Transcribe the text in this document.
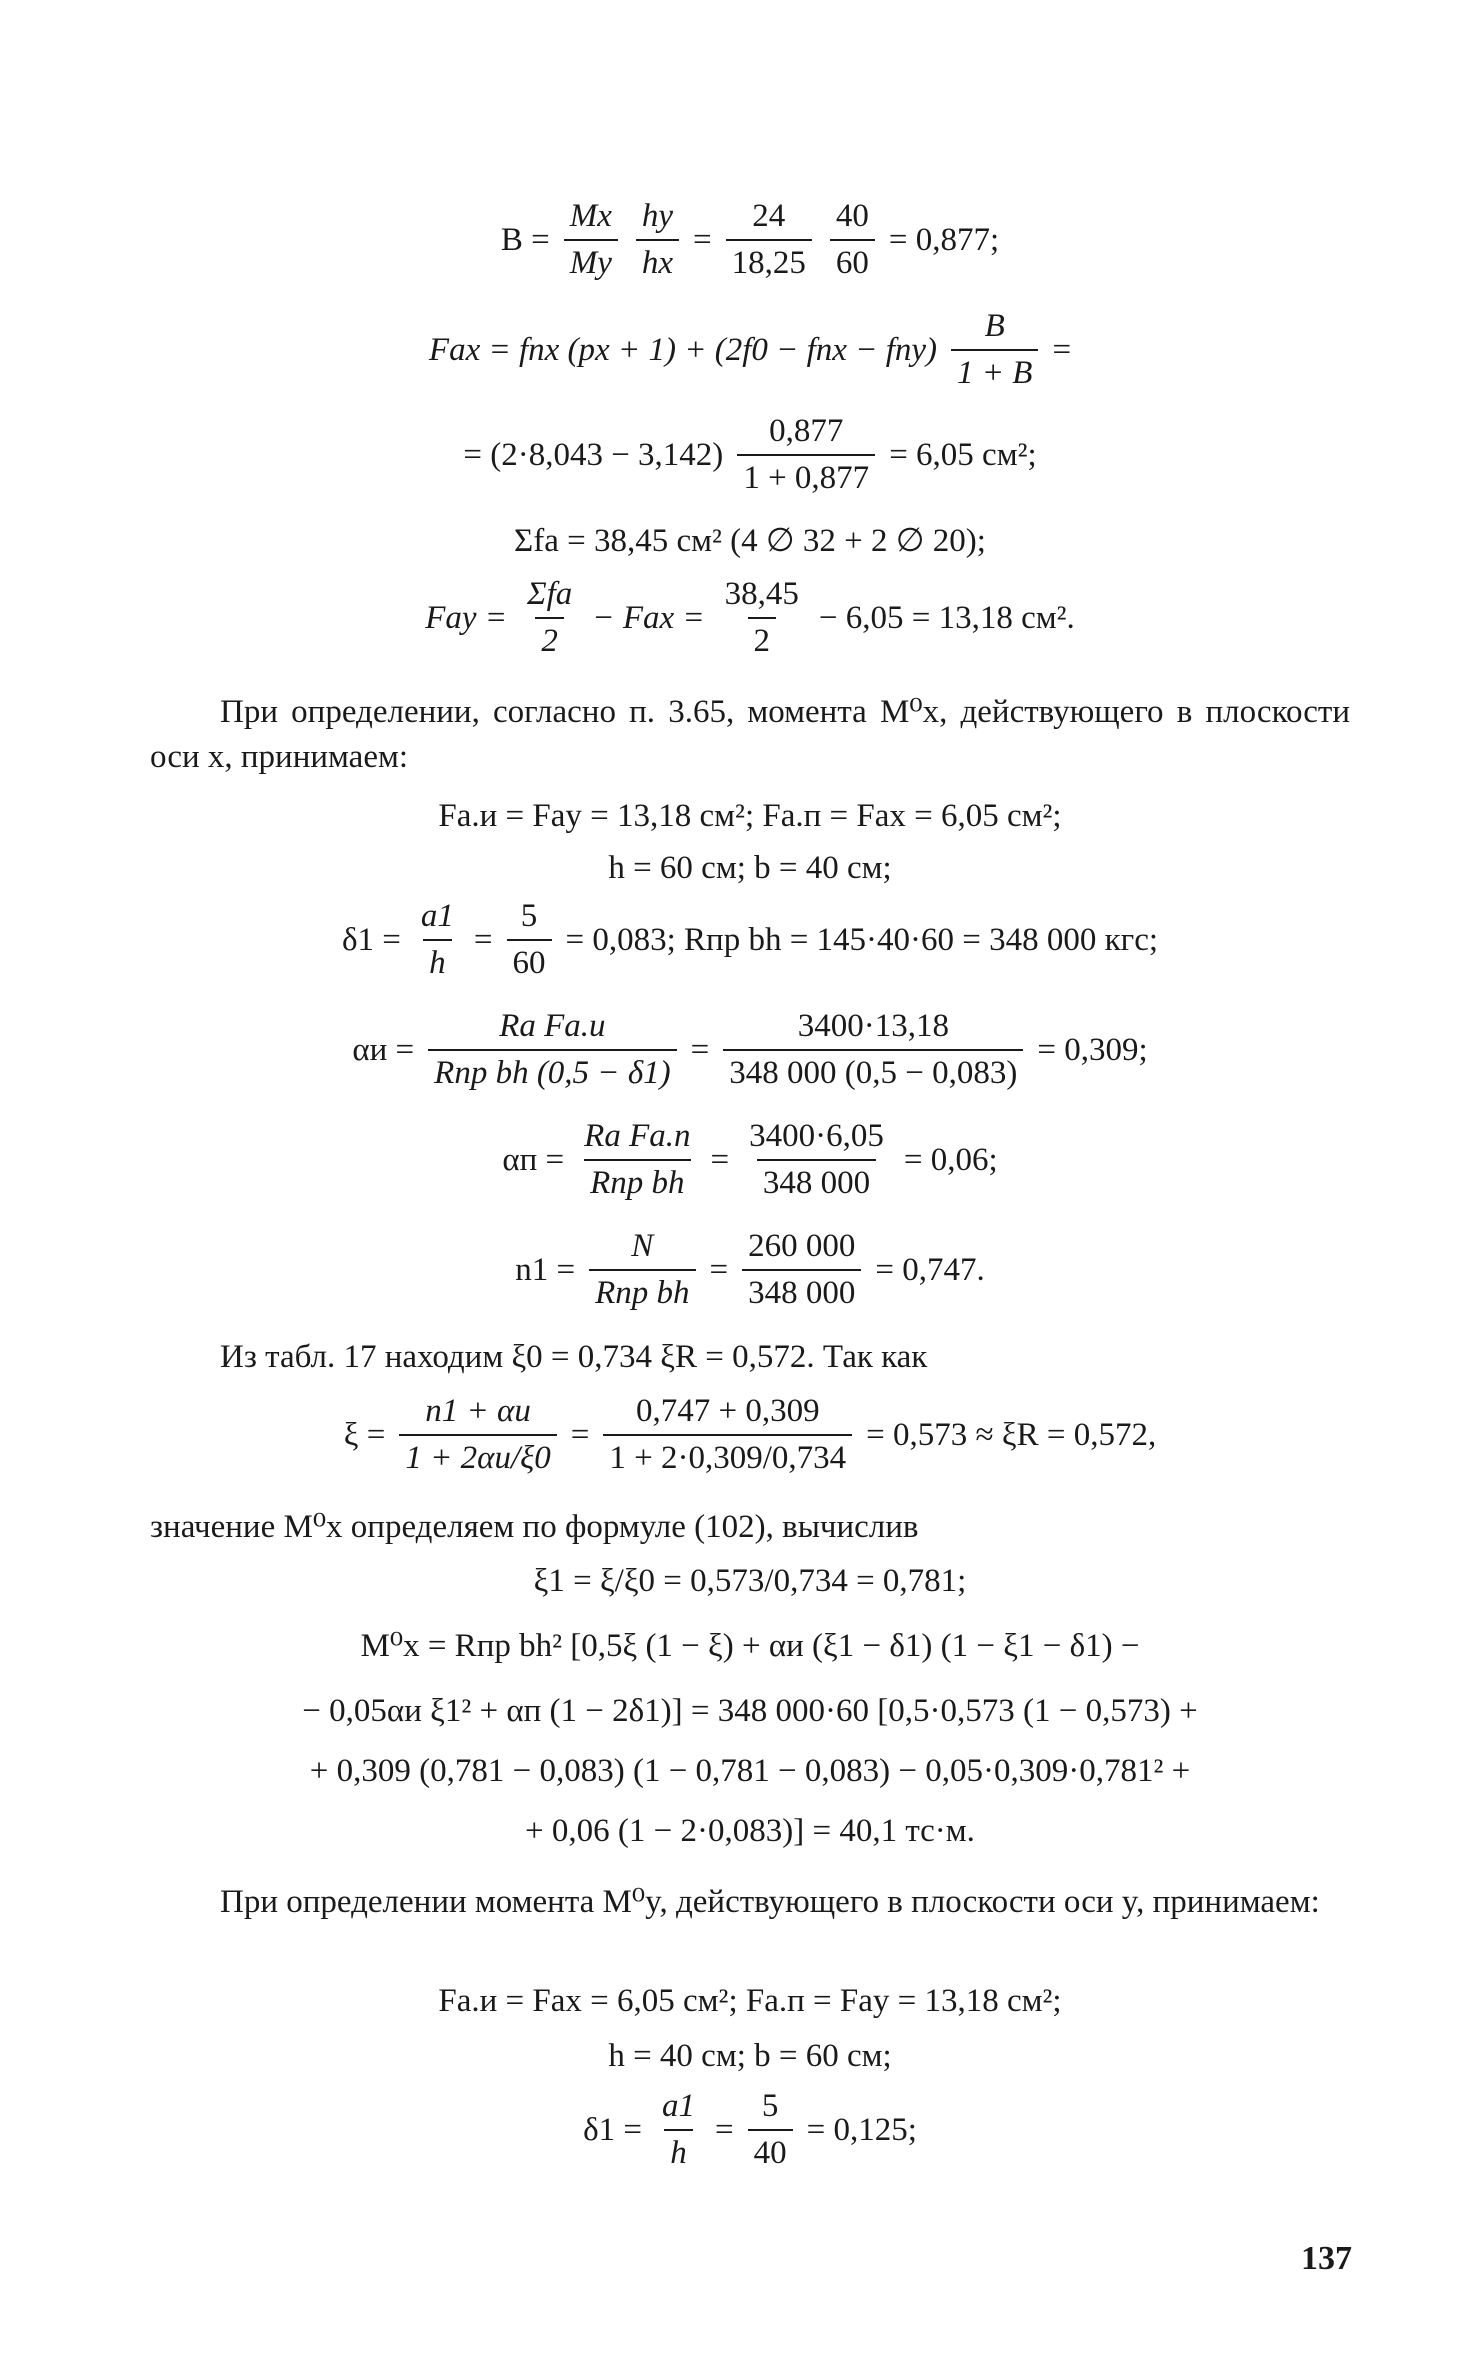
$B = \frac{Mx}{My} \frac{hy}{hx} = \frac{24}{18,25} \frac{40}{60} = 0,877$;
Fax = fпх (px + 1) + (2f0 − fпх − $fпу) \frac{B}{1 + B}$ =
= $(2\cdot 8,043 - 3,142) \frac{0,877}{1 + 0,877} = 6,05$ см²;
Σfа = 38,45 см² (4 ∅ 32 + 2 ∅ 20);
Fay = $\frac{\text{Σfа}}{2}$ − Fax = $\frac{38,45}{2} - 6,05 = 13,18$ см².
При определении, согласно п. 3.65, момента M⁰x, действующего в плоскости оси x, принимаем:
Fа.и = Fay = 13,18 см²; Fа.п = Fax = 6,05 см²;
h = 60 см; b = 40 см;
$\delta 1 = \frac{a1}{h} = \frac{5}{60} = 0,083$; Rпр bh = 145·40·60 = 348 000 кгс;
$\alpha и = \frac{\text{Rа Fа.и}}{\text{Rпр bh (0,5 − δ1)}} = \frac{3400\cdot 13,18}{348 000 (0,5 - 0,083)} = 0,309$;
$\alpha п = \frac{\text{Rа Fа.п}}{\text{Rпр bh}} = \frac{3400\cdot 6,05}{348 000} = 0,06$;
$n1 = \frac{N}{\text{Rпр bh}} = \frac{260 000}{348 000} = 0,747$.
Из табл. 17 находим ξ0 = 0,734 ξR = 0,572. Так как
$\xi = \frac{n1 + \alpha и}{1 + 2\alpha и/\xi 0} = \frac{0,747 + 0,309}{1 + 2\cdot 0,309/0,734} = 0,573 \approx \xi R = 0,572$,
значение M⁰x определяем по формуле (102), вычислив
ξ1 = ξ/ξ0 = 0,573/0,734 = 0,781;
M⁰x = Rпр bh² [0,5ξ (1 − ξ) + αи (ξ1 − δ1) (1 − ξ1 − δ1) −
− 0,05αи ξ1² + αп (1 − 2δ1)] = 348 000·60 [0,5·0,573 (1 − 0,573) +
+ 0,309 (0,781 − 0,083) (1 − 0,781 − 0,083) − 0,05·0,309·0,781² +
+ 0,06 (1 − 2·0,083)] = 40,1 тс·м.
При определении момента M⁰y, действующего в плоскости оси y, принимаем:
Fа.и = Fax = 6,05 см²; Fа.п = Fay = 13,18 см²;
h = 40 см; b = 60 см;
$\delta 1 = \frac{a1}{h} = \frac{5}{40} = 0,125$;
137
